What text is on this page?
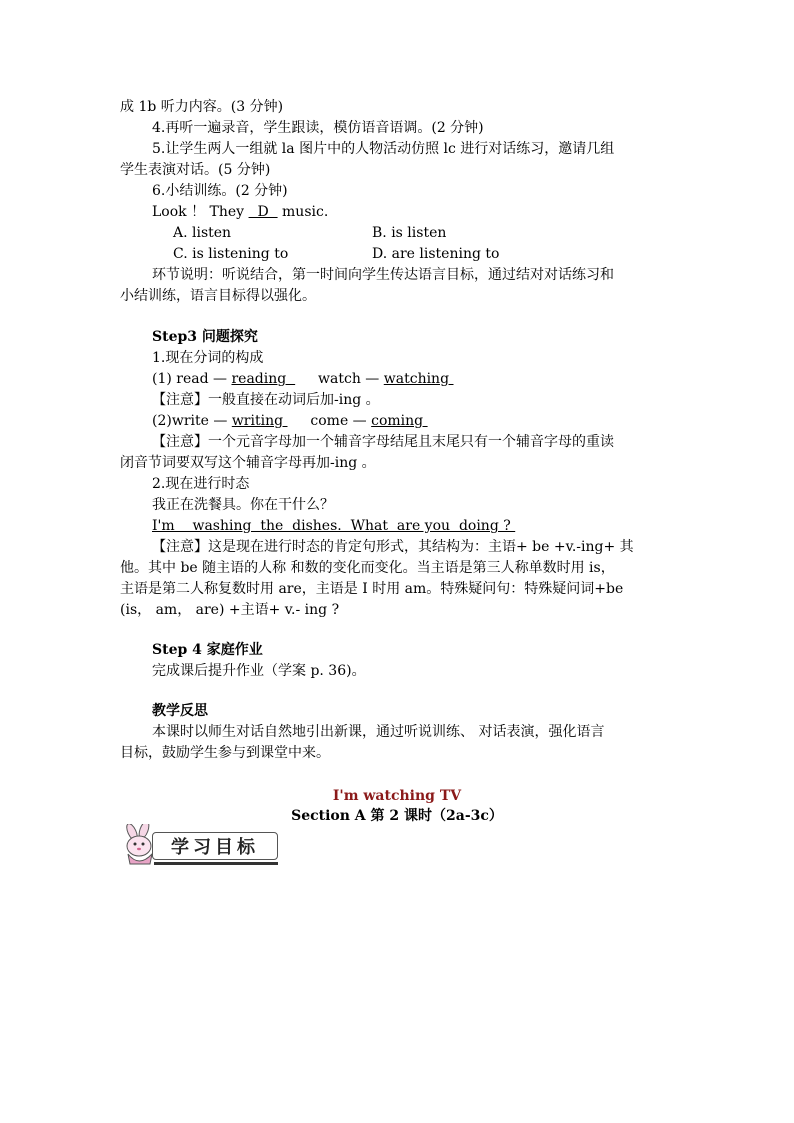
成 1b 听力内容。(3 分钟)
4.再听一遍录音，学生跟读，模仿语音语调。(2 分钟)
5.让学生两人一组就 la 图片中的人物活动仿照 lc 进行对话练习，邀请几组
学生表演对话。(5 分钟)
6.小结训练。(2 分钟)
Look ！ They   D   music.
A. listen	B. is listen
C. is listening to	D. are listening to
环节说明：听说结合，第一时间向学生传达语言目标，通过结对对话练习和
小结训练，语言目标得以强化。
Step3 问题探究
1.现在分词的构成
(1) read — reading    watch — watching
【注意】一般直接在动词后加-ing 。
(2)write — writing   come — coming
【注意】一个元音字母加一个辅音字母结尾且末尾只有一个辅音字母的重读
闭音节词要双写这个辅音字母再加-ing 。
2.现在进行时态
我正在洗餐具。你在干什么？
I'm    washing  the  dishes.  What  are you  doing ?
【注意】这是现在进行时态的肯定句形式，其结构为：主语+ be +v.-ing+ 其
他。其中 be 随主语的人称 和数的变化而变化。当主语是第三人称单数时用 is，
主语是第二人称复数时用 are，主语是 I 时用 am。特殊疑问句：特殊疑问词+be
(is， am， are) +主语+ v.- ing ?
Step 4 家庭作业
完成课后提升作业（学案 p. 36)。
教学反思
本课时以师生对话自然地引出新课，通过听说训练、 对话表演，强化语言
目标，鼓励学生参与到课堂中来。
I'm watching TV
Section A 第 2 课时（2a-3c）
学习目标
